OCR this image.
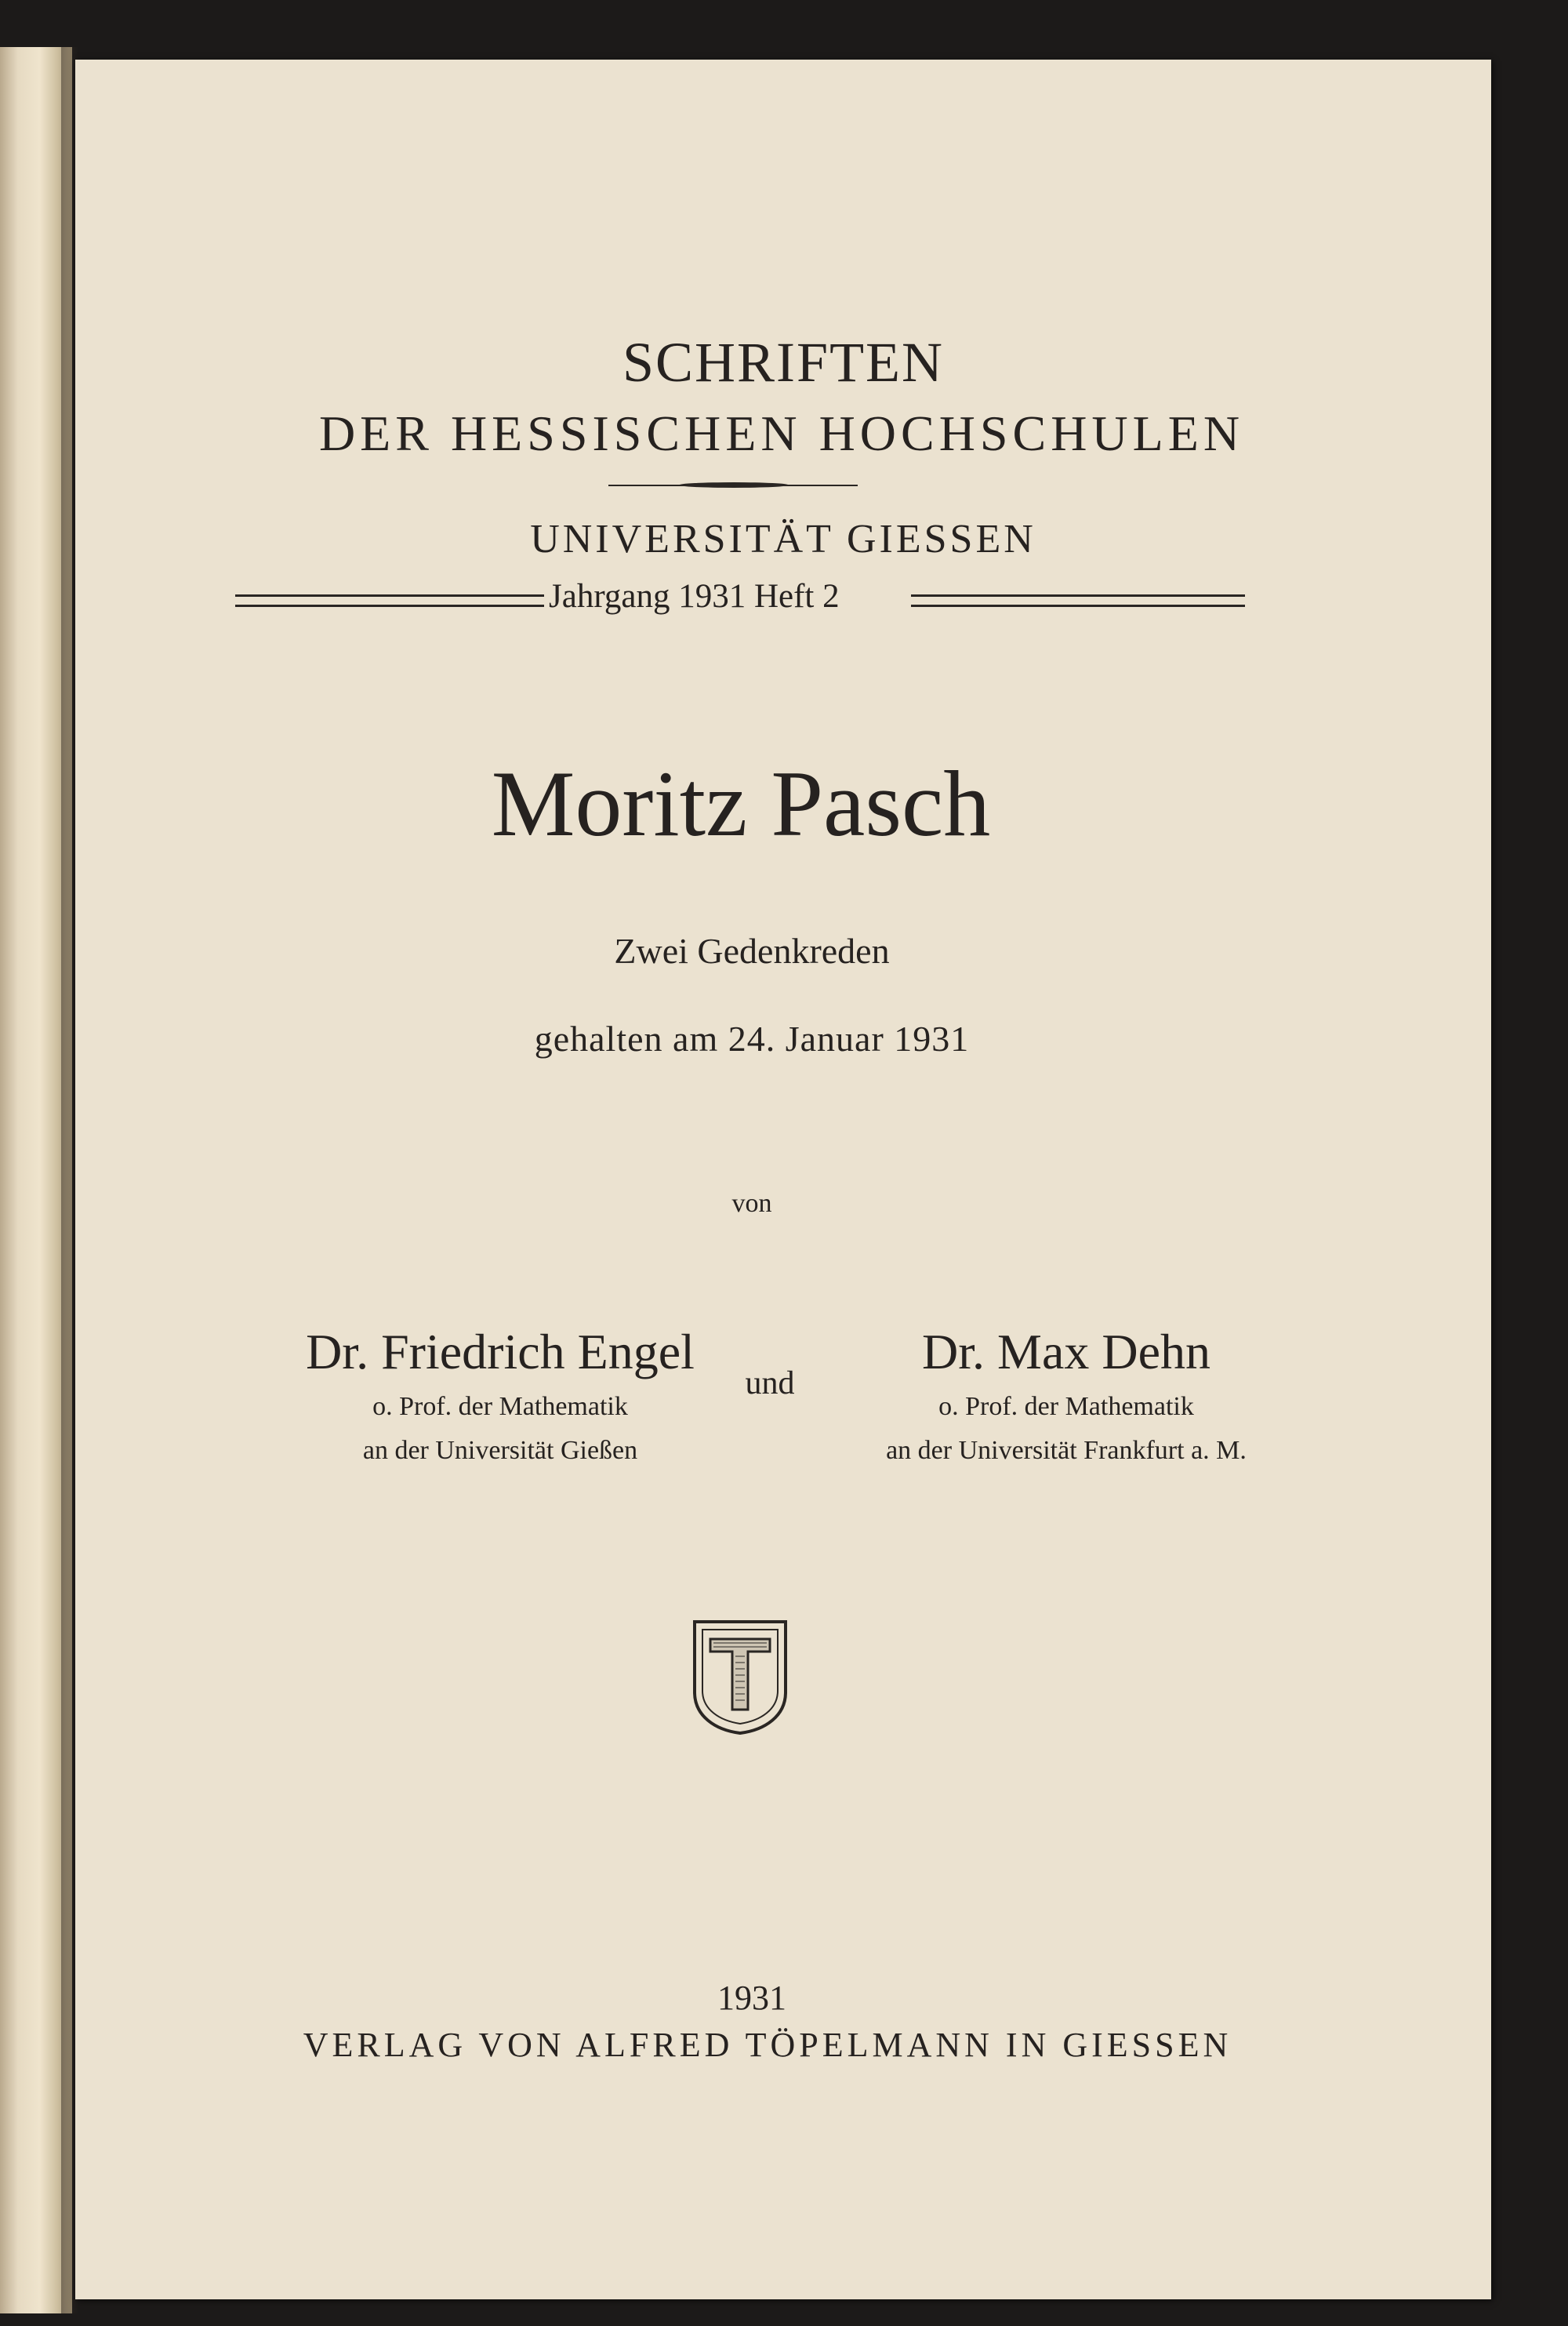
SCHRIFTEN
DER HESSISCHEN HOCHSCHULEN
UNIVERSITÄT GIESSEN
Jahrgang 1931 Heft 2
Moritz Pasch
Zwei Gedenkreden
gehalten am 24. Januar 1931
von
Dr. Friedrich Engel
o. Prof. der Mathematik
an der Universität Gießen
und
Dr. Max Dehn
o. Prof. der Mathematik
an der Universität Frankfurt a. M.
1931
VERLAG VON ALFRED TÖPELMANN IN GIESSEN
